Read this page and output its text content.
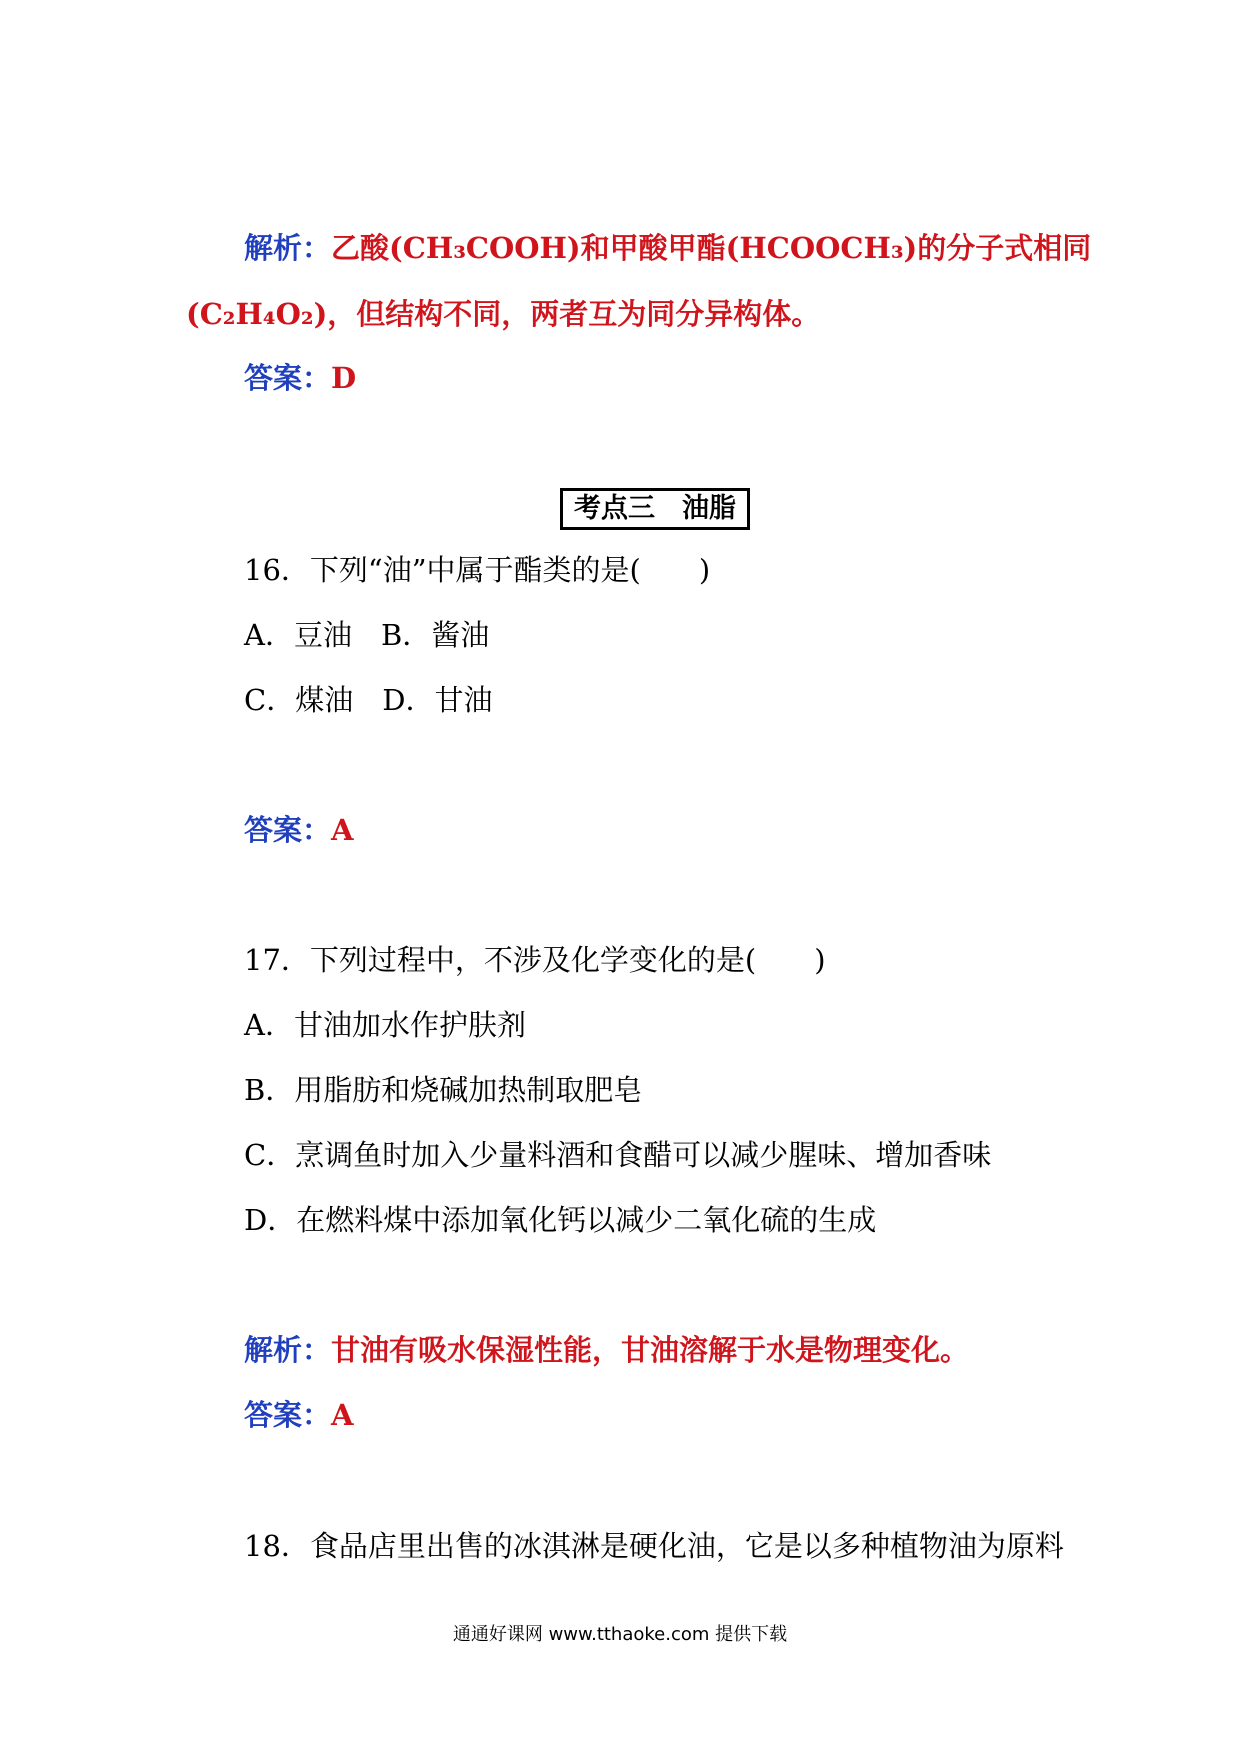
解析：乙酸(CH₃COOH)和甲酸甲酯(HCOOCH₃)的分子式相同
(C₂H₄O₂)，但结构不同，两者互为同分异构体。
答案：D
考点三　油脂
16．下列“油”中属于酯类的是(　　)
A．豆油　B．酱油
C．煤油　D．甘油
答案：A
17．下列过程中，不涉及化学变化的是(　　)
A．甘油加水作护肤剂
B．用脂肪和烧碱加热制取肥皂
C．烹调鱼时加入少量料酒和食醋可以减少腥味、增加香味
D．在燃料煤中添加氧化钙以减少二氧化硫的生成
解析：甘油有吸水保湿性能，甘油溶解于水是物理变化。
答案：A
18．食品店里出售的冰淇淋是硬化油，它是以多种植物油为原料
通通好课网 www.tthaoke.com 提供下载
